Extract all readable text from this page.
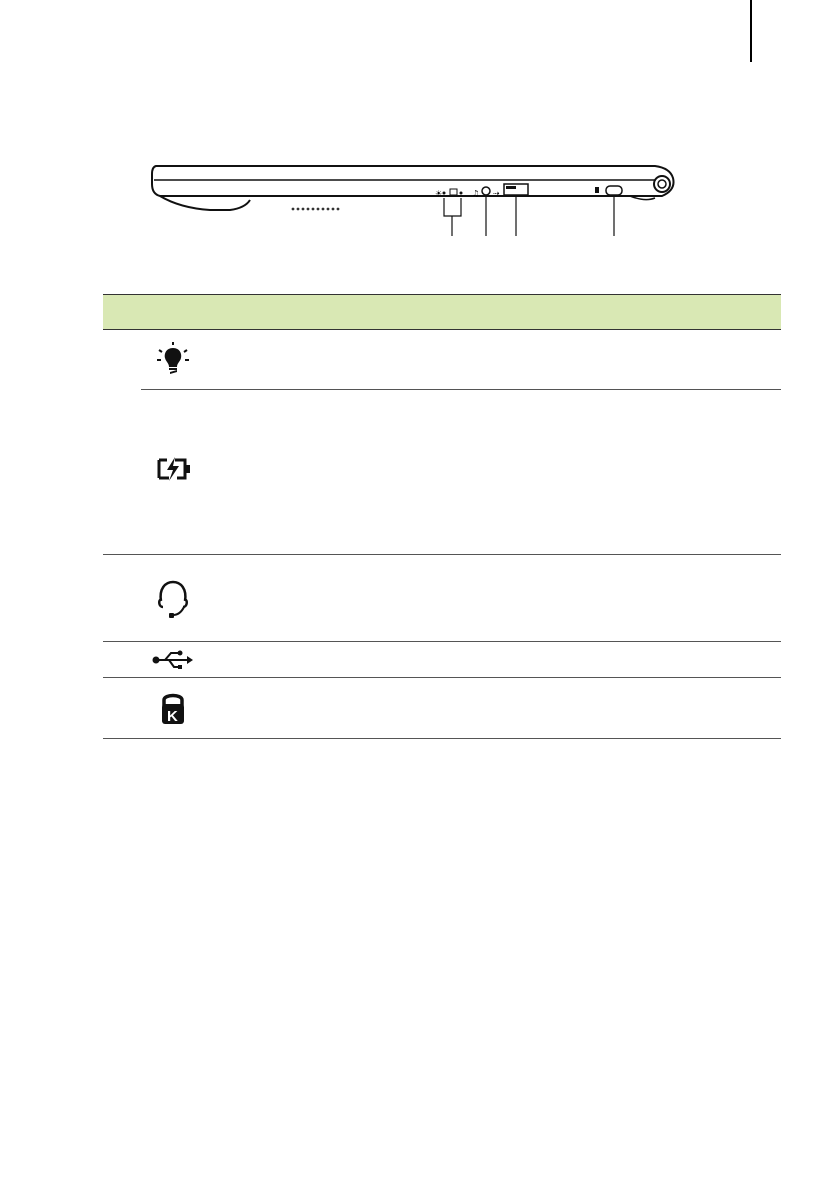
☀	♫ ⇢
K
